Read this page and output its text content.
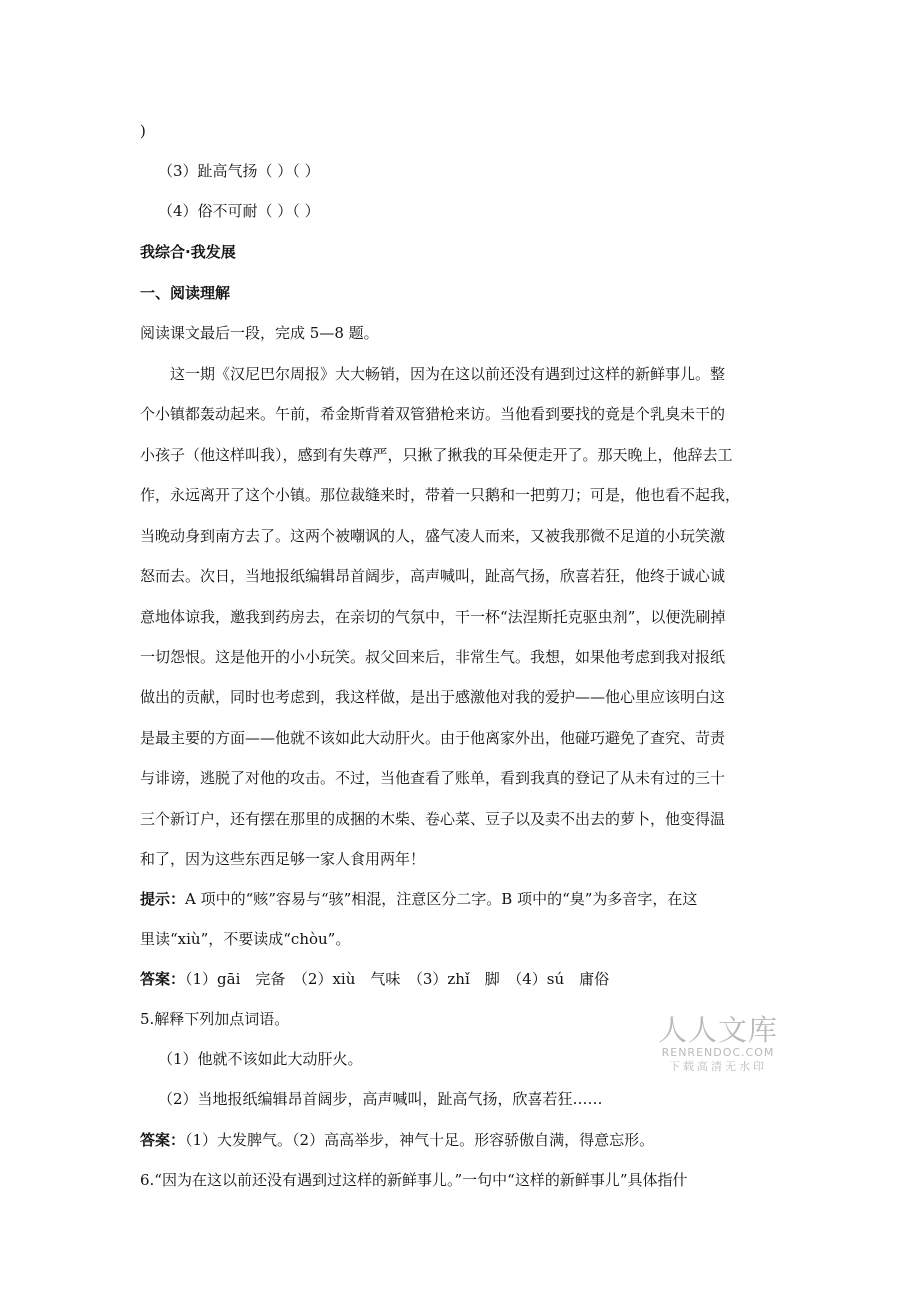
)
（3）趾高气扬（ ）（ ）
（4）俗不可耐（ ）（ ）
我综合·我发展
一、阅读理解
阅读课文最后一段，完成 5—8 题。
　　这一期《汉尼巴尔周报》大大畅销，因为在这以前还没有遇到过这样的新鲜事儿。整
个小镇都轰动起来。午前，希金斯背着双管猎枪来访。当他看到要找的竟是个乳臭未干的
小孩子（他这样叫我），感到有失尊严，只揪了揪我的耳朵便走开了。那天晚上，他辞去工
作，永远离开了这个小镇。那位裁缝来时，带着一只鹅和一把剪刀；可是，他也看不起我，
当晚动身到南方去了。这两个被嘲讽的人，盛气凌人而来，又被我那微不足道的小玩笑激
怒而去。次日，当地报纸编辑昂首阔步，高声喊叫，趾高气扬，欣喜若狂，他终于诚心诚
意地体谅我，邀我到药房去，在亲切的气氛中，干一杯“法涅斯托克驱虫剂”，以便洗刷掉
一切怨恨。这是他开的小小玩笑。叔父回来后，非常生气。我想，如果他考虑到我对报纸
做出的贡献，同时也考虑到，我这样做，是出于感激他对我的爱护——他心里应该明白这
是最主要的方面——他就不该如此大动肝火。由于他离家外出，他碰巧避免了查究、苛责
与诽谤，逃脱了对他的攻击。不过，当他查看了账单，看到我真的登记了从未有过的三十
三个新订户，还有摆在那里的成捆的木柴、卷心菜、豆子以及卖不出去的萝卜，他变得温
和了，因为这些东西足够一家人食用两年！
提示：A 项中的“赅”容易与“骇”相混，注意区分二字。B 项中的“臭”为多音字，在这
里读“xiù”，不要读成“chòu”。
答案：（1）gāi　完备　（2）xiù　气味　（3）zhǐ　脚　（4）sú　庸俗
5.解释下列加点词语。
（1）他就不该如此大动肝火。
（2）当地报纸编辑昂首阔步，高声喊叫，趾高气扬，欣喜若狂……
答案：（1）大发脾气。（2）高高举步，神气十足。形容骄傲自满，得意忘形。
6.“因为在这以前还没有遇到过这样的新鲜事儿。”一句中“这样的新鲜事儿”具体指什
人人文库
RENRENDOC.COM
下载高清无水印
